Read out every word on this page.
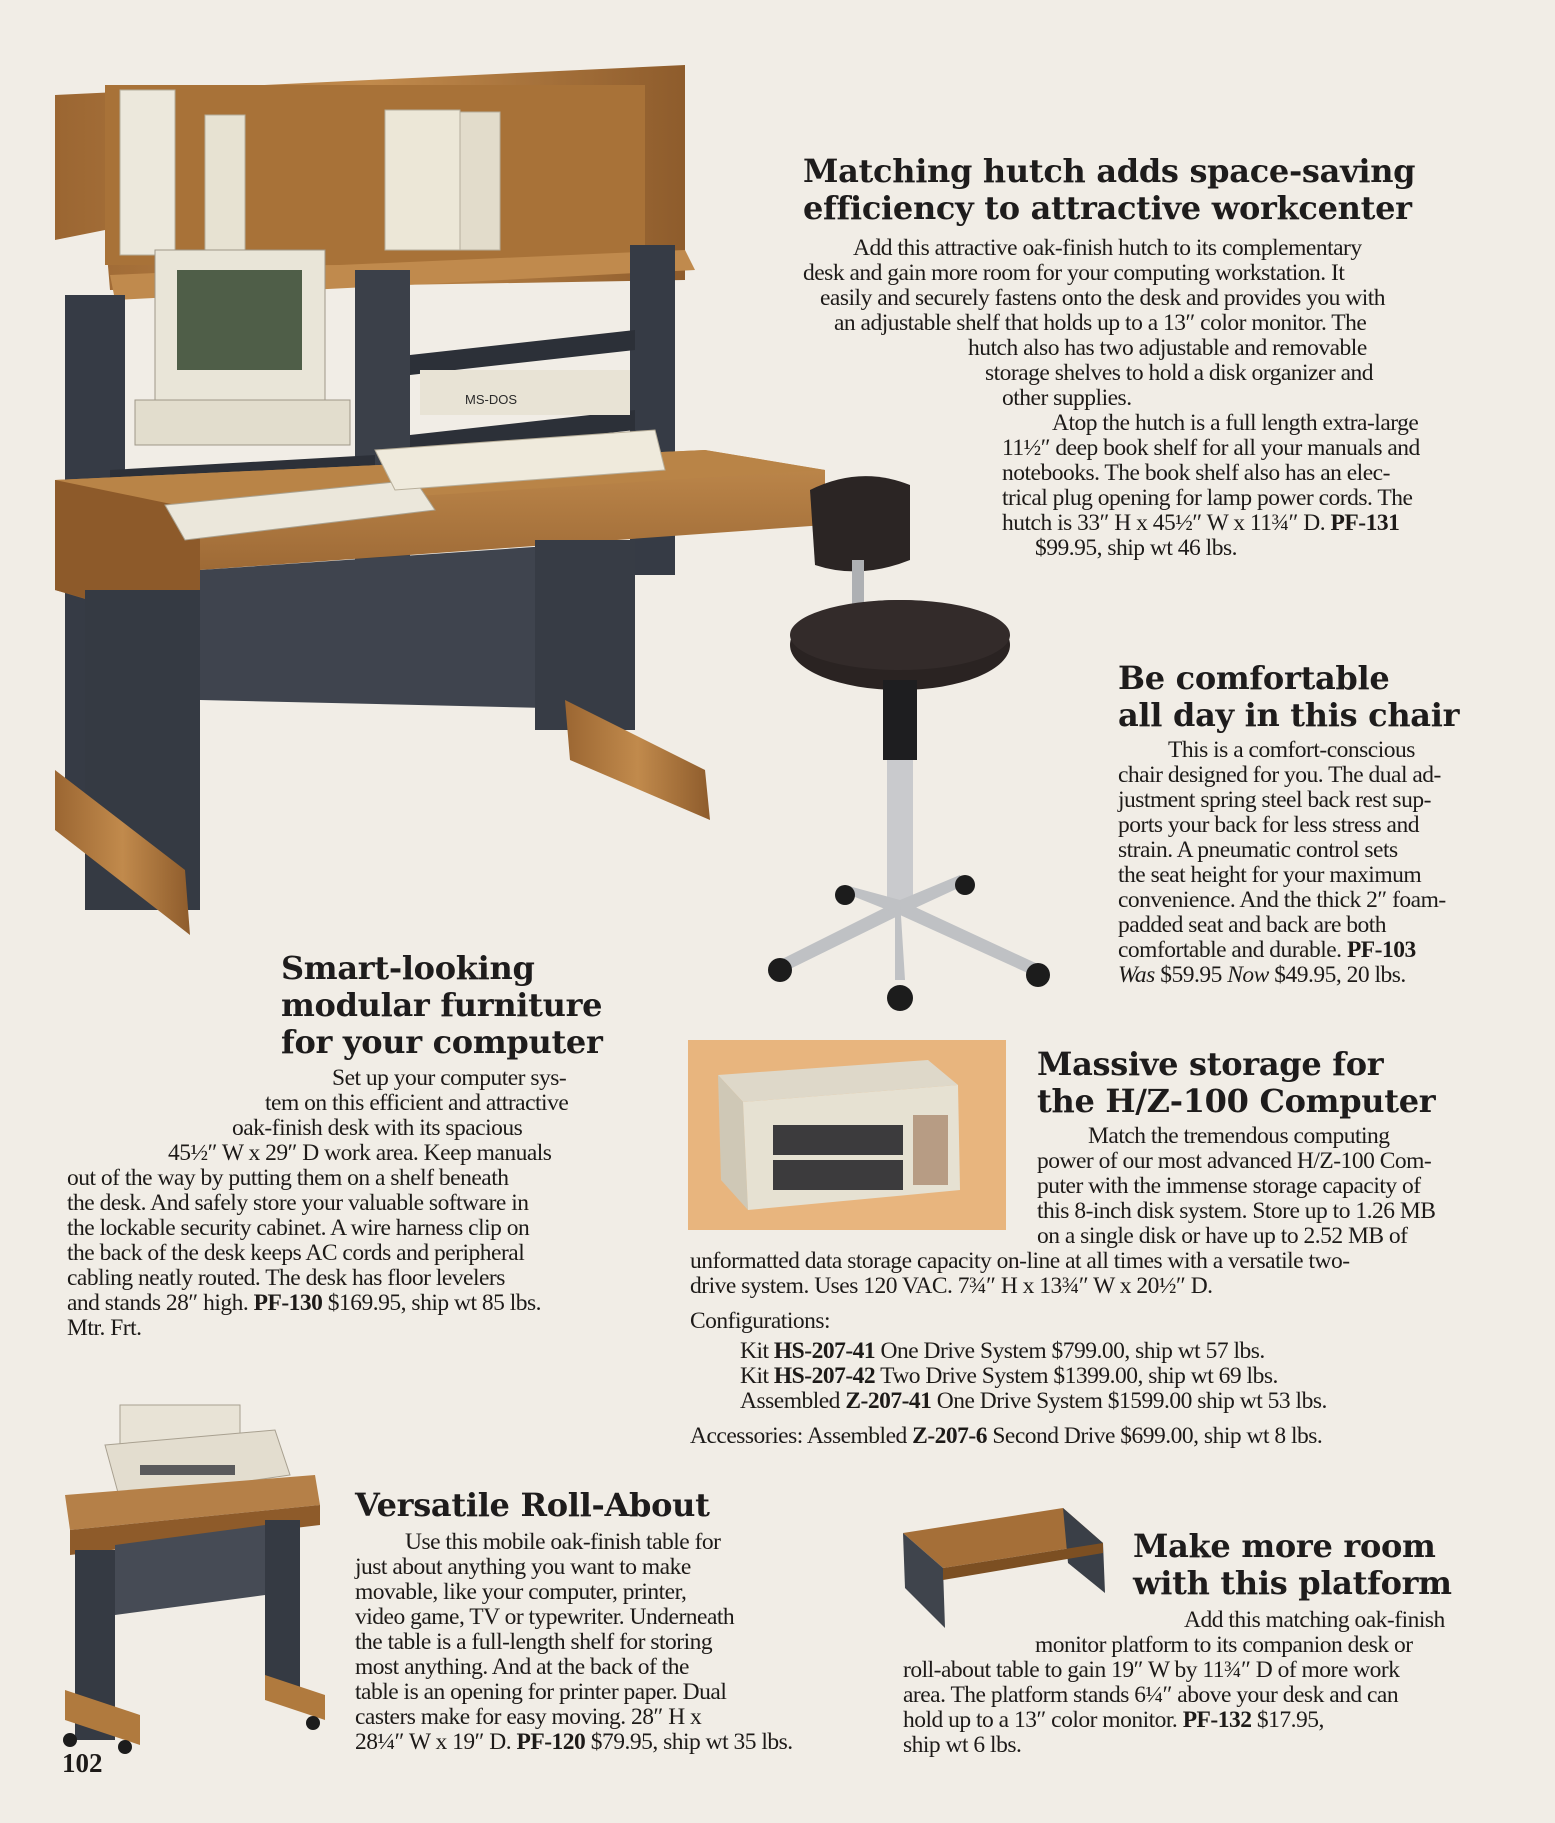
MS-DOS
Matching hutch adds space-saving
efficiency to attractive workcenter
Add this attractive oak-finish hutch to its complementary
desk and gain more room for your computing workstation. It
easily and securely fastens onto the desk and provides you with
an adjustable shelf that holds up to a 13″ color monitor. The
hutch also has two adjustable and removable
storage shelves to hold a disk organizer and
other supplies.
Atop the hutch is a full length extra-large
11½″ deep book shelf for all your manuals and
notebooks. The book shelf also has an elec-
trical plug opening for lamp power cords. The
hutch is 33″ H x 45½″ W x 11¾″ D. PF-131
$99.95, ship wt 46 lbs.
Be comfortable
all day in this chair
This is a comfort-conscious
chair designed for you. The dual ad-
justment spring steel back rest sup-
ports your back for less stress and
strain. A pneumatic control sets
the seat height for your maximum
convenience. And the thick 2″ foam-
padded seat and back are both
comfortable and durable. PF-103
Was $59.95 Now $49.95, 20 lbs.
Smart-looking
modular furniture
for your computer
Set up your computer sys-
tem on this efficient and attractive
oak-finish desk with its spacious
45½″ W x 29″ D work area. Keep manuals
out of the way by putting them on a shelf beneath
the desk. And safely store your valuable software in
the lockable security cabinet. A wire harness clip on
the back of the desk keeps AC cords and peripheral
cabling neatly routed. The desk has floor levelers
and stands 28″ high. PF-130 $169.95, ship wt 85 lbs.
Mtr. Frt.
Massive storage for
the H/Z-100 Computer
Match the tremendous computing
power of our most advanced H/Z-100 Com-
puter with the immense storage capacity of
this 8-inch disk system. Store up to 1.26 MB
on a single disk or have up to 2.52 MB of
unformatted data storage capacity on-line at all times with a versatile two-
drive system. Uses 120 VAC. 7¾″ H x 13¾″ W x 20½″ D.
Configurations:
Kit HS-207-41 One Drive System $799.00, ship wt 57 lbs.
Kit HS-207-42 Two Drive System $1399.00, ship wt 69 lbs.
Assembled Z-207-41 One Drive System $1599.00 ship wt 53 lbs.
Accessories: Assembled Z-207-6 Second Drive $699.00, ship wt 8 lbs.
Versatile Roll-About
Use this mobile oak-finish table for
just about anything you want to make
movable, like your computer, printer,
video game, TV or typewriter. Underneath
the table is a full-length shelf for storing
most anything. And at the back of the
table is an opening for printer paper. Dual
casters make for easy moving. 28″ H x
28¼″ W x 19″ D. PF-120 $79.95, ship wt 35 lbs.
Make more room
with this platform
Add this matching oak-finish
monitor platform to its companion desk or
roll-about table to gain 19″ W by 11¾″ D of more work
area. The platform stands 6¼″ above your desk and can
hold up to a 13″ color monitor. PF-132 $17.95,
ship wt 6 lbs.
102
